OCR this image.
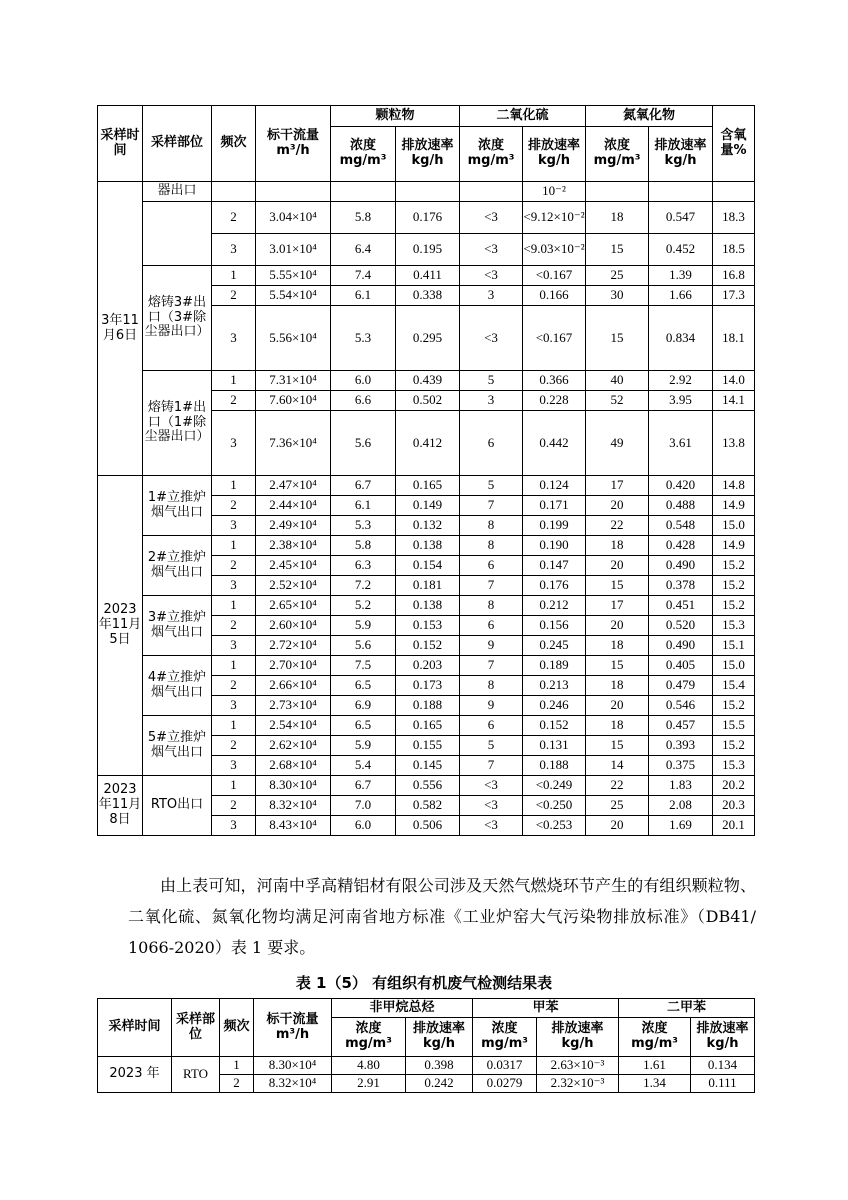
采样时间	采样部位	频次	标干流量 m³/h	颗粒物		二氧化硫		氮氧化物		含氧量%
				浓度 mg/m³	排放速率 kg/h	浓度 mg/m³	排放速率 kg/h	浓度 mg/m³	排放速率 kg/h	
3年11月6日	器出口						10⁻²			
		2	3.04×10⁴	5.8	0.176	<3	<9.12×10⁻²	18	0.547	18.3
		3	3.01×10⁴	6.4	0.195	<3	<9.03×10⁻²	15	0.452	18.5
	熔铸3#出口（3#除尘器出口）	1	5.55×10⁴	7.4	0.411	<3	<0.167	25	1.39	16.8
		2	5.54×10⁴	6.1	0.338	3	0.166	30	1.66	17.3
		3	5.56×10⁴	5.3	0.295	<3	<0.167	15	0.834	18.1
	熔铸1#出口（1#除尘器出口）	1	7.31×10⁴	6.0	0.439	5	0.366	40	2.92	14.0
		2	7.60×10⁴	6.6	0.502	3	0.228	52	3.95	14.1
		3	7.36×10⁴	5.6	0.412	6	0.442	49	3.61	13.8
2023年11月5日	1#立推炉烟气出口	1	2.47×10⁴	6.7	0.165	5	0.124	17	0.420	14.8
		2	2.44×10⁴	6.1	0.149	7	0.171	20	0.488	14.9
		3	2.49×10⁴	5.3	0.132	8	0.199	22	0.548	15.0
	2#立推炉烟气出口	1	2.38×10⁴	5.8	0.138	8	0.190	18	0.428	14.9
		2	2.45×10⁴	6.3	0.154	6	0.147	20	0.490	15.2
		3	2.52×10⁴	7.2	0.181	7	0.176	15	0.378	15.2
	3#立推炉烟气出口	1	2.65×10⁴	5.2	0.138	8	0.212	17	0.451	15.2
		2	2.60×10⁴	5.9	0.153	6	0.156	20	0.520	15.3
		3	2.72×10⁴	5.6	0.152	9	0.245	18	0.490	15.1
	4#立推炉烟气出口	1	2.70×10⁴	7.5	0.203	7	0.189	15	0.405	15.0
		2	2.66×10⁴	6.5	0.173	8	0.213	18	0.479	15.4
		3	2.73×10⁴	6.9	0.188	9	0.246	20	0.546	15.2
	5#立推炉烟气出口	1	2.54×10⁴	6.5	0.165	6	0.152	18	0.457	15.5
		2	2.62×10⁴	5.9	0.155	5	0.131	15	0.393	15.2
		3	2.68×10⁴	5.4	0.145	7	0.188	14	0.375	15.3
2023年11月8日	RTO出口	1	8.30×10⁴	6.7	0.556	<3	<0.249	22	1.83	20.2
		2	8.32×10⁴	7.0	0.582	<3	<0.250	25	2.08	20.3
		3	8.43×10⁴	6.0	0.506	<3	<0.253	20	1.69	20.1
由上表可知，河南中孚高精铝材有限公司涉及天然气燃烧环节产生的有组织颗粒物、二氧化硫、氮氧化物均满足河南省地方标准《工业炉窑大气污染物排放标准》（DB41/ 1066-2020）表 1 要求。
表 1（5） 有组织有机废气检测结果表
采样时间	采样部位	频次	标干流量 m³/h	非甲烷总烃		甲苯		二甲苯	
				浓度 mg/m³	排放速率 kg/h	浓度 mg/m³	排放速率 kg/h	浓度 mg/m³	排放速率 kg/h
2023 年	RTO	1	8.30×10⁴	4.80	0.398	0.0317	2.63×10⁻³	1.61	0.134
		2	8.32×10⁴	2.91	0.242	0.0279	2.32×10⁻³	1.34	0.111
